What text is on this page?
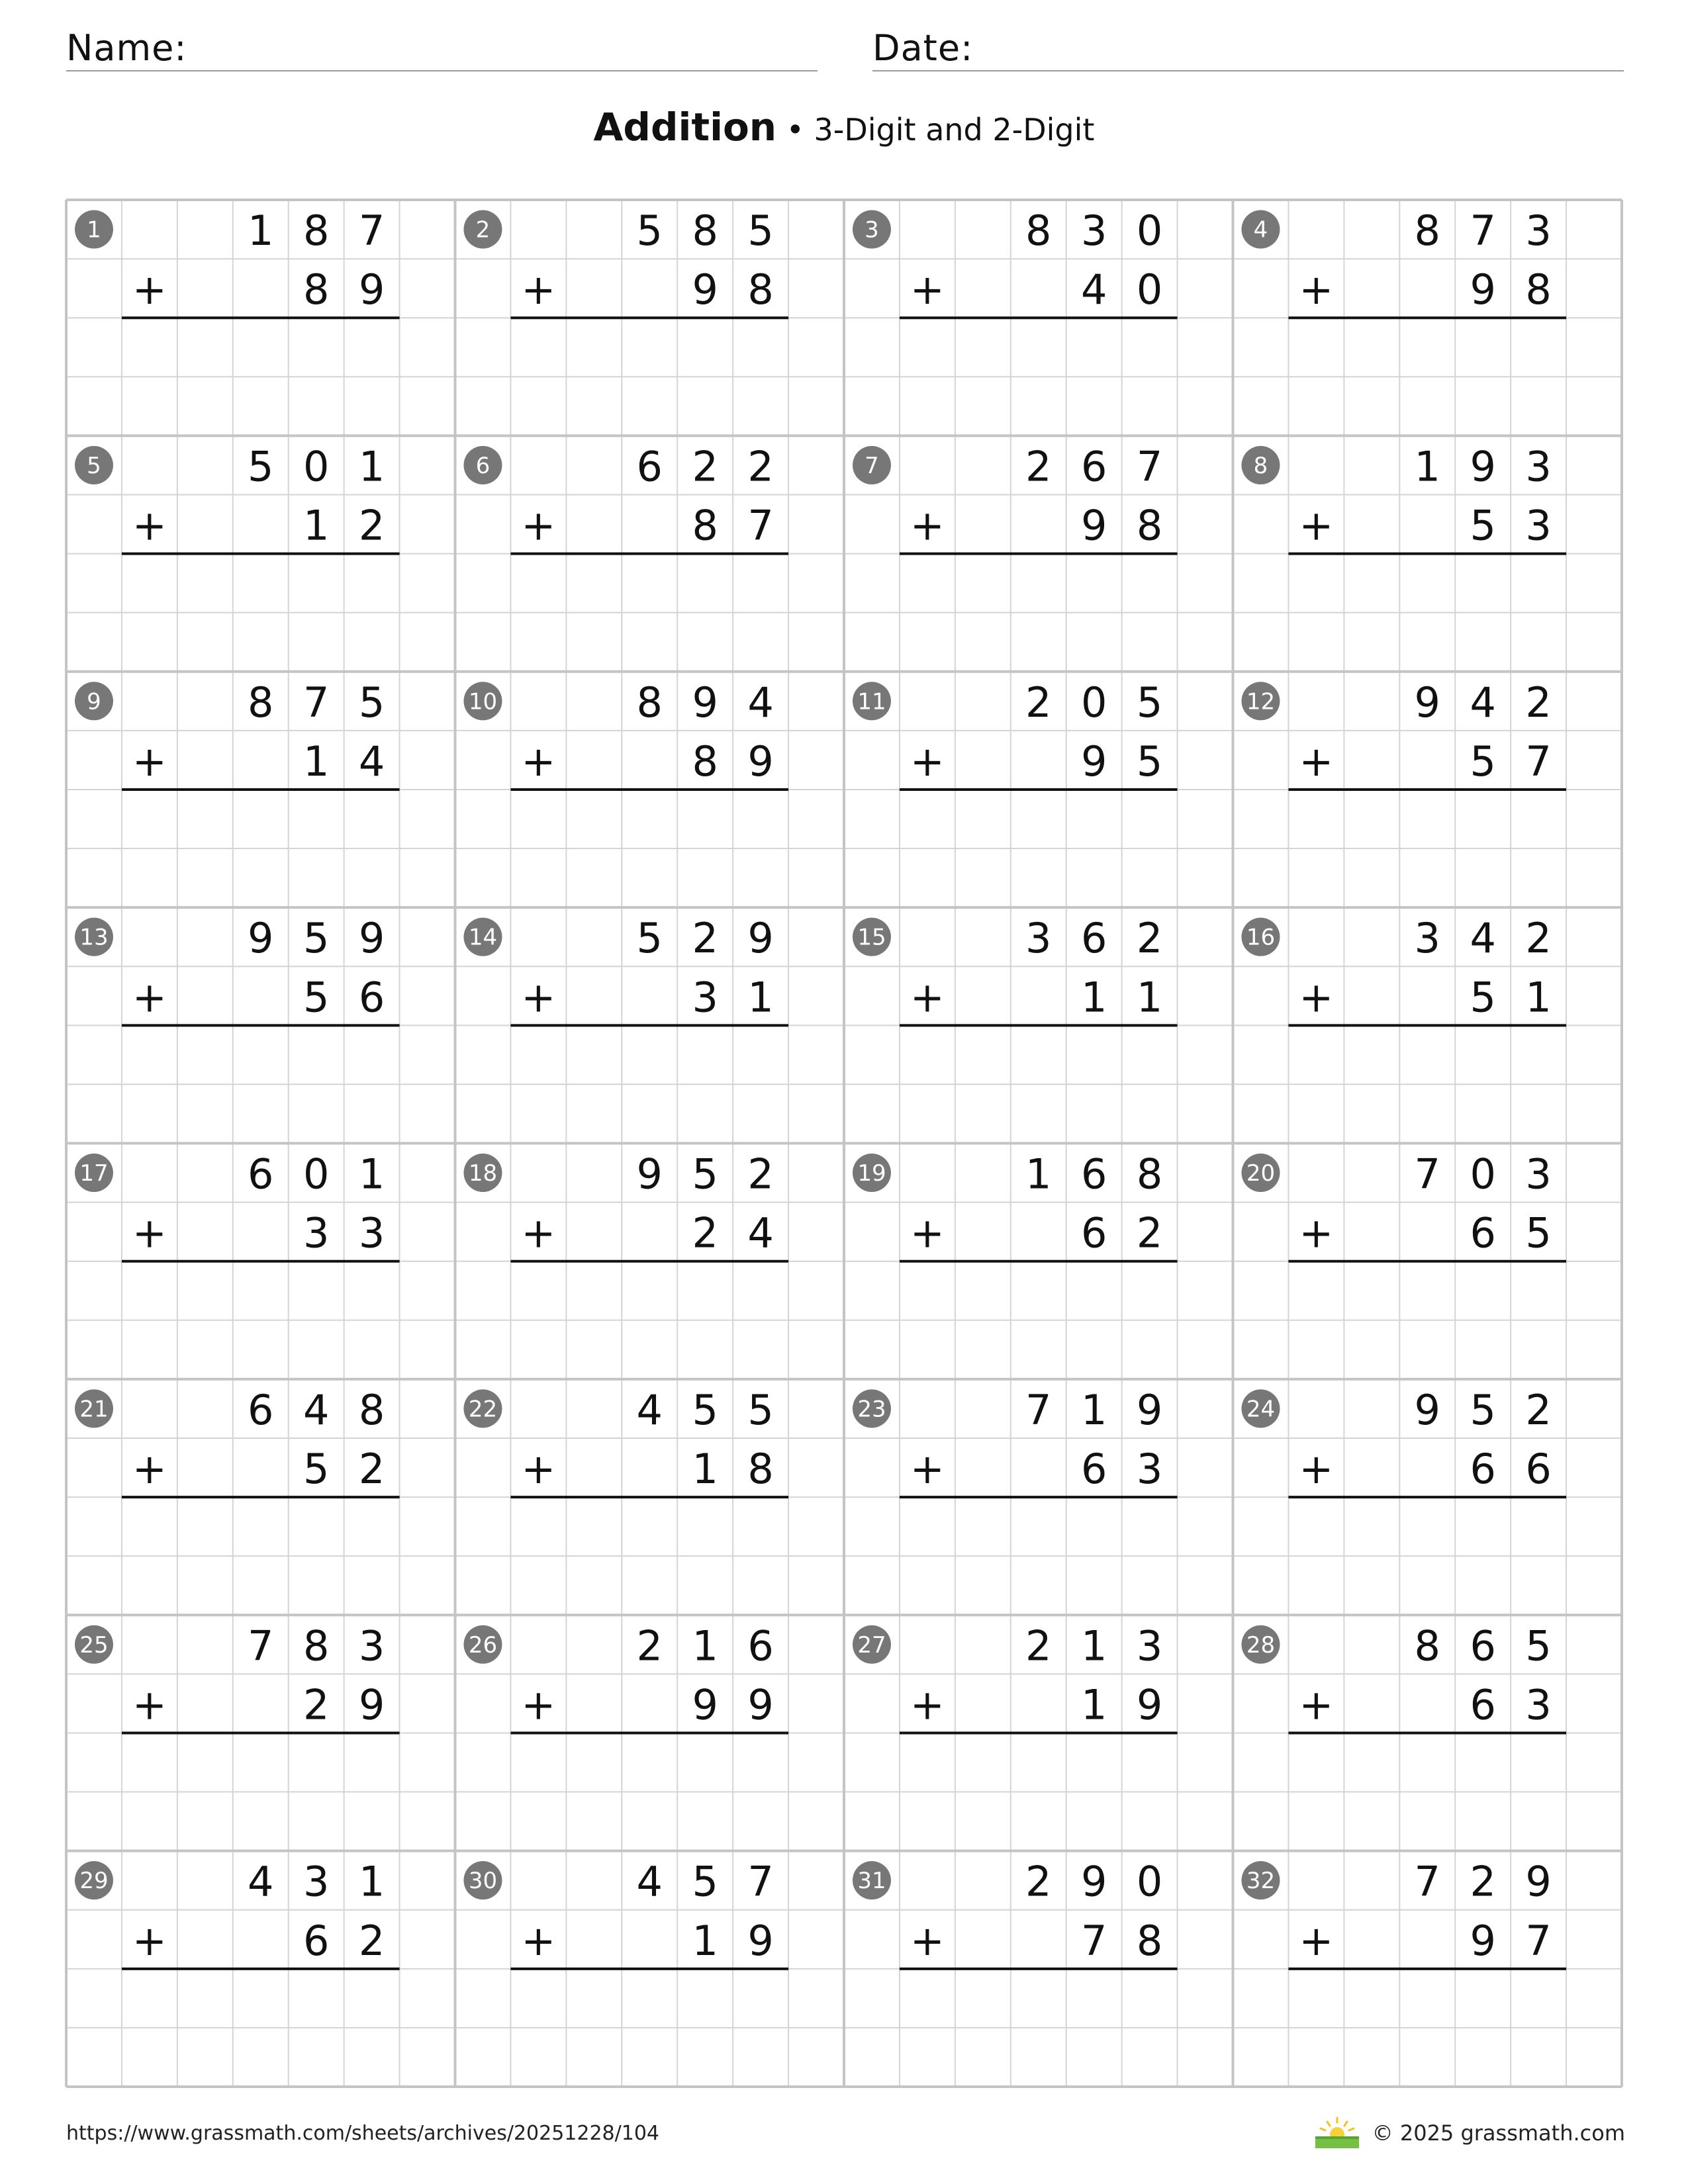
Name:	Date:
Addition • 3-Digit and 2-Digit
1	1 8 7
+	8 9
2	5 8 5
+	9 8
3	8 3 0
+	4 0
4	8 7 3
+	9 8
5	5 0 1
+	1 2
6	6 2 2
+	8 7
7	2 6 7
+	9 8
8	1 9 3
+	5 3
9	8 7 5
+	1 4
10	8 9 4
+	8 9
11	2 0 5
+	9 5
12	9 4 2
+	5 7
13	9 5 9
+	5 6
14	5 2 9
+	3 1
15	3 6 2
+	1 1
16	3 4 2
+	5 1
17	6 0 1
+	3 3
18	9 5 2
+	2 4
19	1 6 8
+	6 2
20	7 0 3
+	6 5
21	6 4 8
+	5 2
22	4 5 5
+	1 8
23	7 1 9
+	6 3
24	9 5 2
+	6 6
25	7 8 3
+	2 9
26	2 1 6
+	9 9
27	2 1 3
+	1 9
28	8 6 5
+	6 3
29	4 3 1
+	6 2
30	4 5 7
+	1 9
31	2 9 0
+	7 8
32	7 2 9
+	9 7
https://www.grassmath.com/sheets/archives/20251228/104	© 2025 grassmath.com
